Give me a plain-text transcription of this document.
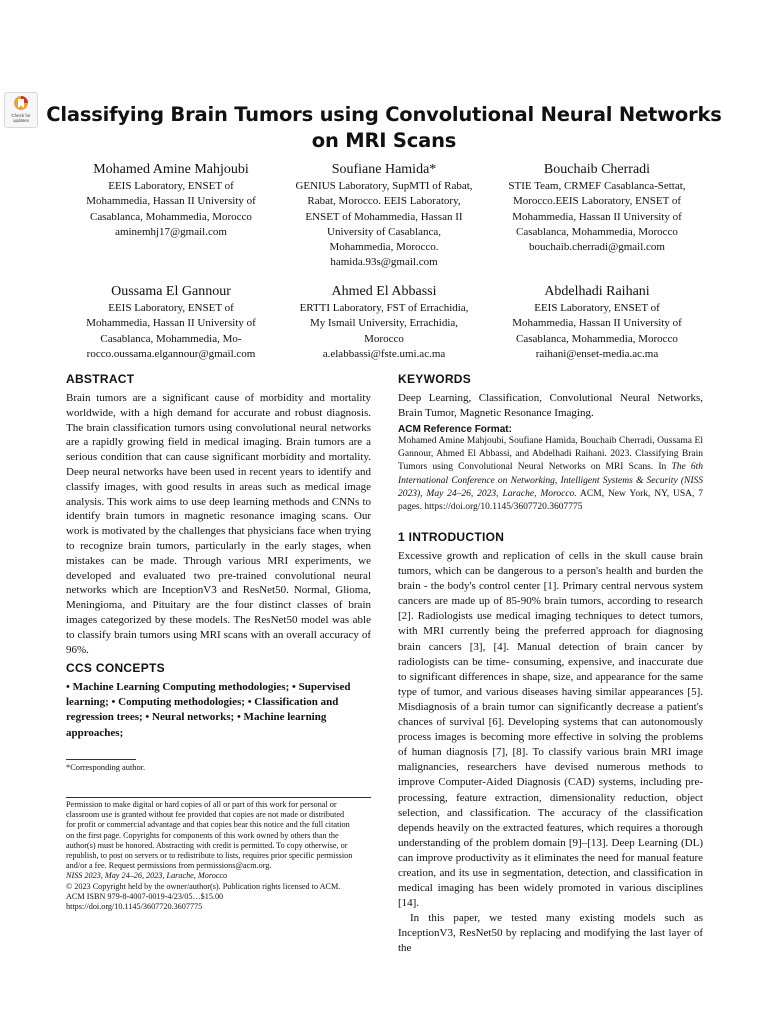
Check for updates Classifying Brain Tumors using Convolutional Neural Networks
on MRI Scans
Mohamed Amine Mahjoubi
EEIS Laboratory, ENSET of
Mohammedia, Hassan II University of
Casablanca, Mohammedia, Morocco
aminemhj17@gmail.com
Soufiane Hamida*
GENIUS Laboratory, SupMTI of Rabat,
Rabat, Morocco. EEIS Laboratory,
ENSET of Mohammedia, Hassan II
University of Casablanca,
Mohammedia, Morocco.
hamida.93s@gmail.com
Bouchaib Cherradi
STIE Team, CRMEF Casablanca-Settat,
Morocco.EEIS Laboratory, ENSET of
Mohammedia, Hassan II University of
Casablanca, Mohammedia, Morocco
bouchaib.cherradi@gmail.com
Oussama El Gannour
EEIS Laboratory, ENSET of
Mohammedia, Hassan II University of
Casablanca, Mohammedia, Mo-
rocco.oussama.elgannour@gmail.com
Ahmed El Abbassi
ERTTI Laboratory, FST of Errachidia,
My Ismail University, Errachidia,
Morocco
a.elabbassi@fste.umi.ac.ma
Abdelhadi Raihani
EEIS Laboratory, ENSET of
Mohammedia, Hassan II University of
Casablanca, Mohammedia, Morocco
raihani@enset-media.ac.ma
ABSTRACT

Brain tumors are a significant cause of morbidity and mortality worldwide, with a high demand for accurate and robust diagnosis. The brain classification tumors using convolutional neural networks are a rapidly growing field in medical imaging. Brain tumors are a serious condition that can cause significant morbidity and mortality. Deep neural networks have been used in recent years to identify and classify images, with good results in areas such as medical image analysis. This work aims to use deep learning methods and CNNs to identify brain tumors in magnetic resonance imaging scans. Our work is motivated by the challenges that physicians face when trying to recognize brain tumors, particularly in the early stages, when mistakes can be made. Through various MRI experiments, we developed and evaluated two pre-trained convolutional neural networks which are InceptionV3 and ResNet50. Normal, Glioma, Meningioma, and Pituitary are the four distinct classes of brain images categorized by these models. The ResNet50 model was able to classify brain tumors using MRI scans with an overall accuracy of 96%.

CCS CONCEPTS

• Machine Learning Computing methodologies; • Supervised learning; • Computing methodologies; • Classification and regression trees; • Neural networks; • Machine learning approaches;

*Corresponding author.
Permission to make digital or hard copies of all or part of this work for personal or
classroom use is granted without fee provided that copies are not made or distributed
for profit or commercial advantage and that copies bear this notice and the full citation
on the first page. Copyrights for components of this work owned by others than the
author(s) must be honored. Abstracting with credit is permitted. To copy otherwise, or
republish, to post on servers or to redistribute to lists, requires prior specific permission
and/or a fee. Request permissions from permissions@acm.org.
NISS 2023, May 24–26, 2023, Larache, Morocco
© 2023 Copyright held by the owner/author(s). Publication rights licensed to ACM.
ACM ISBN 979-8-4007-0019-4/23/05…$15.00
https://doi.org/10.1145/3607720.3607775
KEYWORDS

Deep Learning, Classification, Convolutional Neural Networks, Brain Tumor, Magnetic Resonance Imaging.

ACM Reference Format:
Mohamed Amine Mahjoubi, Soufiane Hamida, Bouchaib Cherradi, Oussama El Gannour, Ahmed El Abbassi, and Abdelhadi Raihani. 2023. Classifying Brain Tumors using Convolutional Neural Networks on MRI Scans. In The 6th International Conference on Networking, Intelligent Systems & Security (NISS 2023), May 24–26, 2023, Larache, Morocco. ACM, New York, NY, USA, 7 pages. https://doi.org/10.1145/3607720.3607775
1 INTRODUCTION

Excessive growth and replication of cells in the skull cause brain tumors, which can be dangerous to a person's health and burden the brain - the body's control center [1]. Primary central nervous system cancers are made up of 85-90% brain tumors, according to research [2]. Radiologists use medical imaging techniques to detect tumors, with MRI currently being the preferred approach for diagnosing brain cancers [3], [4]. Manual detection of brain cancer by radiologists can be time- consuming, expensive, and inaccurate due to significant differences in shape, size, and appearance for the same type of tumor, and various diseases having similar appearances [5]. Misdiagnosis of a brain tumor can significantly decrease a patient's chances of survival [6]. Developing systems that can autonomously process images is becoming more effective in solving the problems of human diagnosis [7], [8]. To classify various brain MRI image malignancies, researchers have devised numerous methods to improve Computer-Aided Diagnosis (CAD) systems, including pre-processing, feature extraction, dimensionality reduction, object selection, and classification. The accuracy of the classification depends heavily on the extracted features, which requires a thorough understanding of the problem domain [9]–[13]. Deep Learning (DL) can improve productivity as it eliminates the need for manual feature creation, and its use in segmentation, detection, and classification in medical imaging has been widely promoted in various disciplines [14].

In this paper, we tested many existing models such as InceptionV3, ResNet50 by replacing and modifying the last layer of the
